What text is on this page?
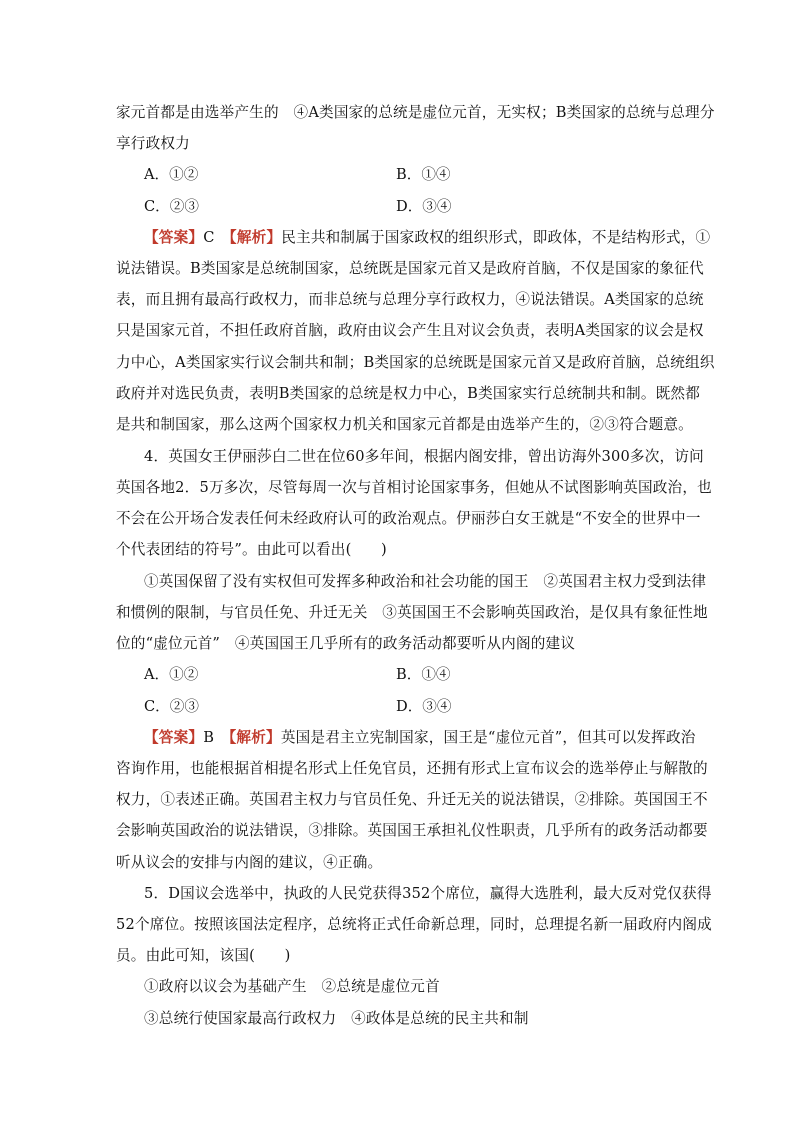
家元首都是由选举产生的　④A类国家的总统是虚位元首，无实权；B类国家的总统与总理分
享行政权力
A．①②	B．①④
C．②③	D．③④
【答案】C　 【解析】民主共和制属于国家政权的组织形式，即政体，不是结构形式，①
说法错误。B类国家是总统制国家，总统既是国家元首又是政府首脑，不仅是国家的象征代
表，而且拥有最高行政权力，而非总统与总理分享行政权力，④说法错误。A类国家的总统
只是国家元首，不担任政府首脑，政府由议会产生且对议会负责，表明A类国家的议会是权
力中心，A类国家实行议会制共和制；B类国家的总统既是国家元首又是政府首脑，总统组织
政府并对选民负责，表明B类国家的总统是权力中心，B类国家实行总统制共和制。既然都
是共和制国家，那么这两个国家权力机关和国家元首都是由选举产生的，②③符合题意。
4．英国女王伊丽莎白二世在位60多年间，根据内阁安排，曾出访海外300多次，访问
英国各地2．5万多次，尽管每周一次与首相讨论国家事务，但她从不试图影响英国政治，也
不会在公开场合发表任何未经政府认可的政治观点。伊丽莎白女王就是“不安全的世界中一
个代表团结的符号”。由此可以看出(　　)
①英国保留了没有实权但可发挥多种政治和社会功能的国王　②英国君主权力受到法律
和惯例的限制，与官员任免、升迁无关　③英国国王不会影响英国政治，是仅具有象征性地
位的“虚位元首”　④英国国王几乎所有的政务活动都要听从内阁的建议
A．①②	B．①④
C．②③	D．③④
【答案】B　 【解析】英国是君主立宪制国家，国王是“虚位元首”，但其可以发挥政治
咨询作用，也能根据首相提名形式上任免官员，还拥有形式上宣布议会的选举停止与解散的
权力，①表述正确。英国君主权力与官员任免、升迁无关的说法错误，②排除。英国国王不
会影响英国政治的说法错误，③排除。英国国王承担礼仪性职责，几乎所有的政务活动都要
听从议会的安排与内阁的建议，④正确。
5．D国议会选举中，执政的人民党获得352个席位，赢得大选胜利，最大反对党仅获得
52个席位。按照该国法定程序，总统将正式任命新总理，同时，总理提名新一届政府内阁成
员。由此可知，该国(　　)
①政府以议会为基础产生　②总统是虚位元首
③总统行使国家最高行政权力　④政体是总统的民主共和制
